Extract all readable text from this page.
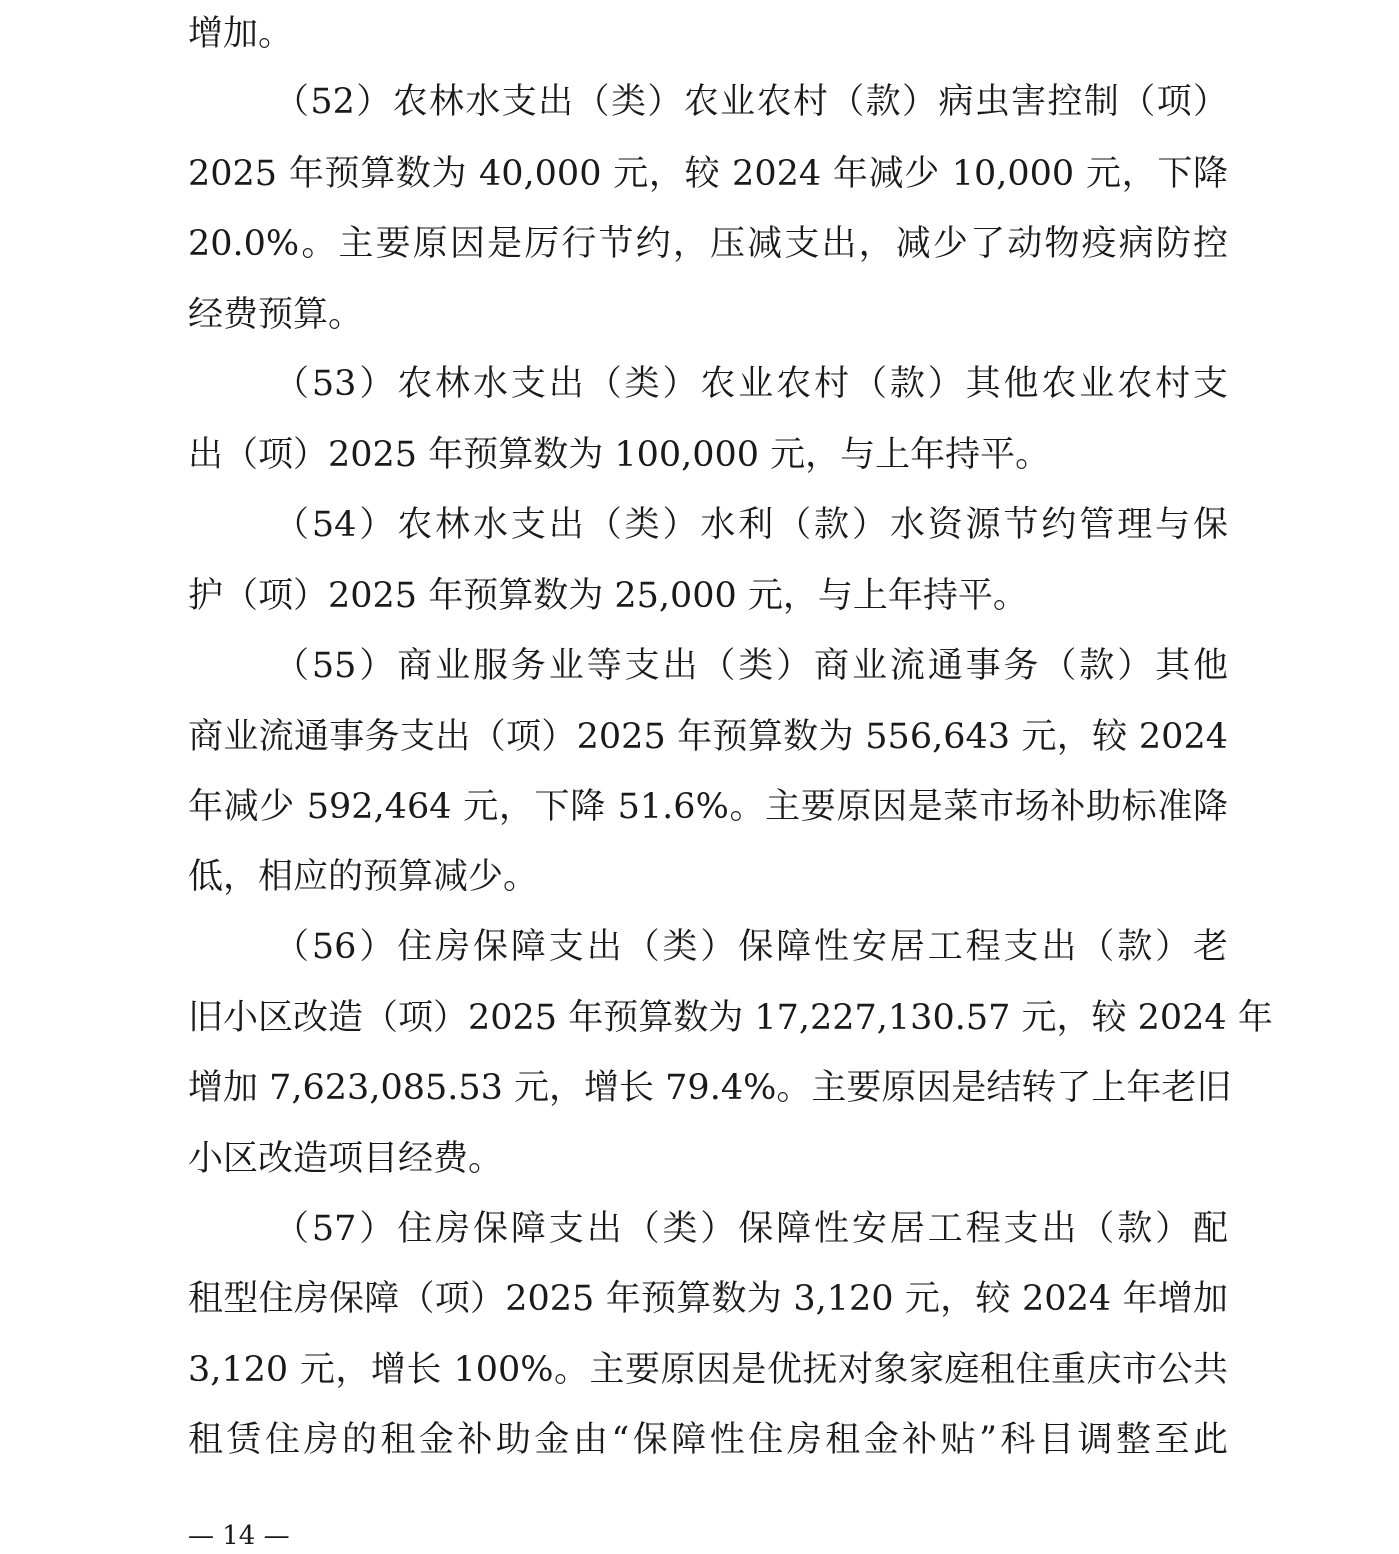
增加。
（52）农林水支出（类）农业农村（款）病虫害控制（项）
2025 年预算数为 40,000 元，较 2024 年减少 10,000 元，下降
20.0%。主要原因是厉行节约，压减支出，减少了动物疫病防控
经费预算。
（53）农林水支出（类）农业农村（款）其他农业农村支
出（项）2025 年预算数为 100,000 元，与上年持平。
（54）农林水支出（类）水利（款）水资源节约管理与保
护（项）2025 年预算数为 25,000 元，与上年持平。
（55）商业服务业等支出（类）商业流通事务（款）其他
商业流通事务支出（项）2025 年预算数为 556,643 元，较 2024
年减少 592,464 元，下降 51.6%。主要原因是菜市场补助标准降
低，相应的预算减少。
（56）住房保障支出（类）保障性安居工程支出（款）老
旧小区改造（项）2025 年预算数为 17,227,130.57 元，较 2024 年
增加 7,623,085.53 元，增长 79.4%。主要原因是结转了上年老旧
小区改造项目经费。
（57）住房保障支出（类）保障性安居工程支出（款）配
租型住房保障（项）2025 年预算数为 3,120 元，较 2024 年增加
3,120 元，增长 100%。主要原因是优抚对象家庭租住重庆市公共
租赁住房的租金补助金由“保障性住房租金补贴”科目调整至此
— 14 —
